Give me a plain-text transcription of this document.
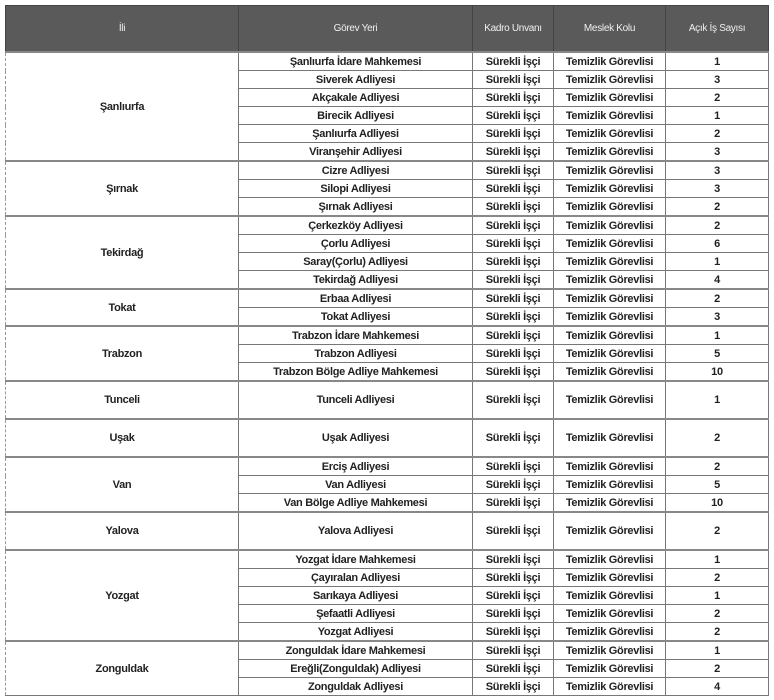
İli	Görev Yeri	Kadro Unvanı	Meslek Kolu	Açık İş Sayısı
Şanlıurfa	Şanlıurfa İdare Mahkemesi	Sürekli İşçi	Temizlik Görevlisi	1
	Siverek Adliyesi	Sürekli İşçi	Temizlik Görevlisi	3
	Akçakale Adliyesi	Sürekli İşçi	Temizlik Görevlisi	2
	Birecik Adliyesi	Sürekli İşçi	Temizlik Görevlisi	1
	Şanlıurfa Adliyesi	Sürekli İşçi	Temizlik Görevlisi	2
	Viranşehir Adliyesi	Sürekli İşçi	Temizlik Görevlisi	3
Şırnak	Cizre Adliyesi	Sürekli İşçi	Temizlik Görevlisi	3
	Silopi Adliyesi	Sürekli İşçi	Temizlik Görevlisi	3
	Şırnak Adliyesi	Sürekli İşçi	Temizlik Görevlisi	2
Tekirdağ	Çerkezköy Adliyesi	Sürekli İşçi	Temizlik Görevlisi	2
	Çorlu Adliyesi	Sürekli İşçi	Temizlik Görevlisi	6
	Saray(Çorlu) Adliyesi	Sürekli İşçi	Temizlik Görevlisi	1
	Tekirdağ Adliyesi	Sürekli İşçi	Temizlik Görevlisi	4
Tokat	Erbaa Adliyesi	Sürekli İşçi	Temizlik Görevlisi	2
	Tokat Adliyesi	Sürekli İşçi	Temizlik Görevlisi	3
Trabzon	Trabzon İdare Mahkemesi	Sürekli İşçi	Temizlik Görevlisi	1
	Trabzon Adliyesi	Sürekli İşçi	Temizlik Görevlisi	5
	Trabzon Bölge Adliye Mahkemesi	Sürekli İşçi	Temizlik Görevlisi	10
Tunceli	Tunceli Adliyesi	Sürekli İşçi	Temizlik Görevlisi	1
Uşak	Uşak Adliyesi	Sürekli İşçi	Temizlik Görevlisi	2
Van	Erciş Adliyesi	Sürekli İşçi	Temizlik Görevlisi	2
	Van Adliyesi	Sürekli İşçi	Temizlik Görevlisi	5
	Van Bölge Adliye Mahkemesi	Sürekli İşçi	Temizlik Görevlisi	10
Yalova	Yalova Adliyesi	Sürekli İşçi	Temizlik Görevlisi	2
Yozgat	Yozgat İdare Mahkemesi	Sürekli İşçi	Temizlik Görevlisi	1
	Çayıralan Adliyesi	Sürekli İşçi	Temizlik Görevlisi	2
	Sarıkaya Adliyesi	Sürekli İşçi	Temizlik Görevlisi	1
	Şefaatli Adliyesi	Sürekli İşçi	Temizlik Görevlisi	2
	Yozgat Adliyesi	Sürekli İşçi	Temizlik Görevlisi	2
Zonguldak	Zonguldak İdare Mahkemesi	Sürekli İşçi	Temizlik Görevlisi	1
	Ereğli(Zonguldak) Adliyesi	Sürekli İşçi	Temizlik Görevlisi	2
	Zonguldak Adliyesi	Sürekli İşçi	Temizlik Görevlisi	4
